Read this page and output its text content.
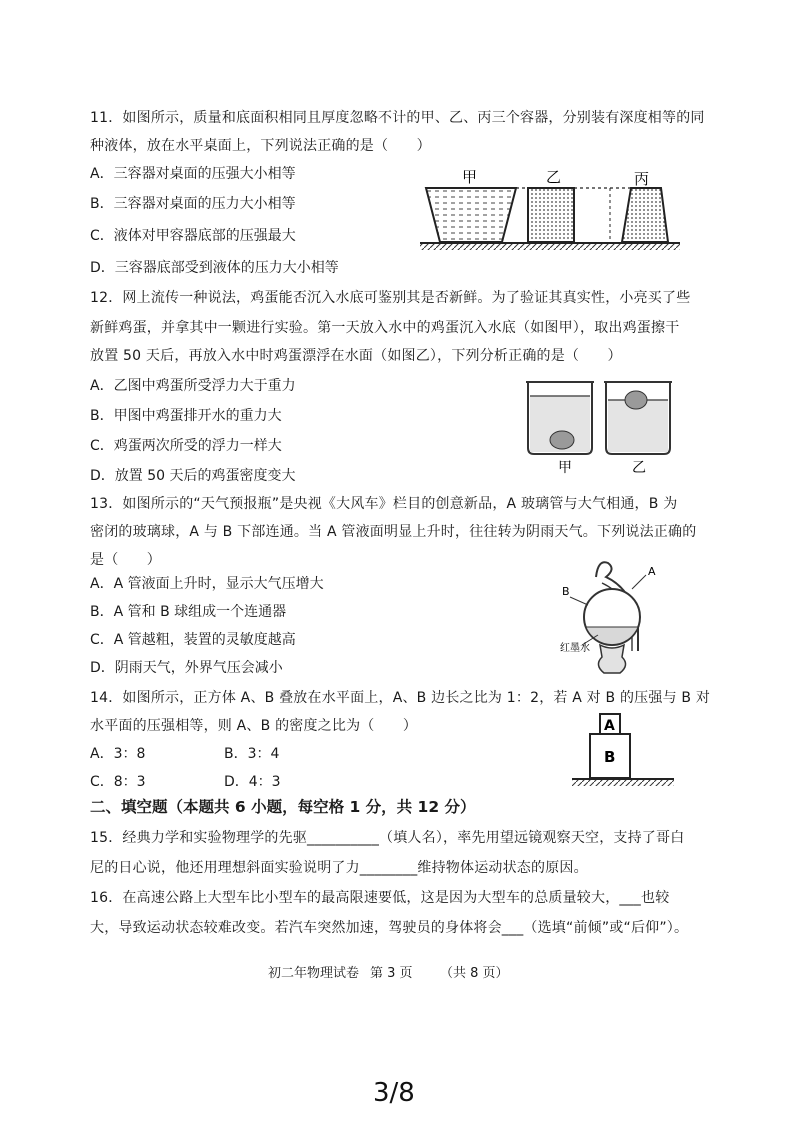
11．如图所示，质量和底面积相同且厚度忽略不计的甲、乙、丙三个容器，分别装有深度相等的同
种液体，放在水平桌面上，下列说法正确的是（　　）
A．三容器对桌面的压强大小相等
B．三容器对桌面的压力大小相等
C．液体对甲容器底部的压强最大
D．三容器底部受到液体的压力大小相等
甲	乙	丙
12．网上流传一种说法，鸡蛋能否沉入水底可鉴别其是否新鲜。为了验证其真实性，小亮买了些
新鲜鸡蛋，并拿其中一颗进行实验。第一天放入水中的鸡蛋沉入水底（如图甲），取出鸡蛋擦干
放置 50 天后，再放入水中时鸡蛋漂浮在水面（如图乙），下列分析正确的是（　　）
A．乙图中鸡蛋所受浮力大于重力
B．甲图中鸡蛋排开水的重力大
C．鸡蛋两次所受的浮力一样大
D．放置 50 天后的鸡蛋密度变大	甲	乙
13．如图所示的“天气预报瓶”是央视《大风车》栏目的创意新品，A 玻璃管与大气相通，B 为
密闭的玻璃球，A 与 B 下部连通。当 A 管液面明显上升时，往往转为阴雨天气。下列说法正确的
是（　　）
A．A 管液面上升时，显示大气压增大
B．A 管和 B 球组成一个连通器
C．A 管越粗，装置的灵敏度越高
D．阴雨天气，外界气压会减小
A
B
红墨水
14．如图所示，正方体 A、B 叠放在水平面上，A、B 边长之比为 1：2，若 A 对 B 的压强与 B 对
水平面的压强相等，则 A、B 的密度之比为（　　）
A．3：8	B．3：4
C．8：3	D．4：3
A
B
二、填空题（本题共 6 小题，每空格 1 分，共 12 分）
15．经典力学和实验物理学的先驱__________（填人名），率先用望远镜观察天空，支持了哥白
尼的日心说，他还用理想斜面实验说明了力________维持物体运动状态的原因。
16．在高速公路上大型车比小型车的最高限速要低，这是因为大型车的总质量较大，___也较
大，导致运动状态较难改变。若汽车突然加速，驾驶员的身体将会___（选填“前倾”或“后仰”）。
初二年物理试卷 第 3 页 （共 8 页）
3/8
